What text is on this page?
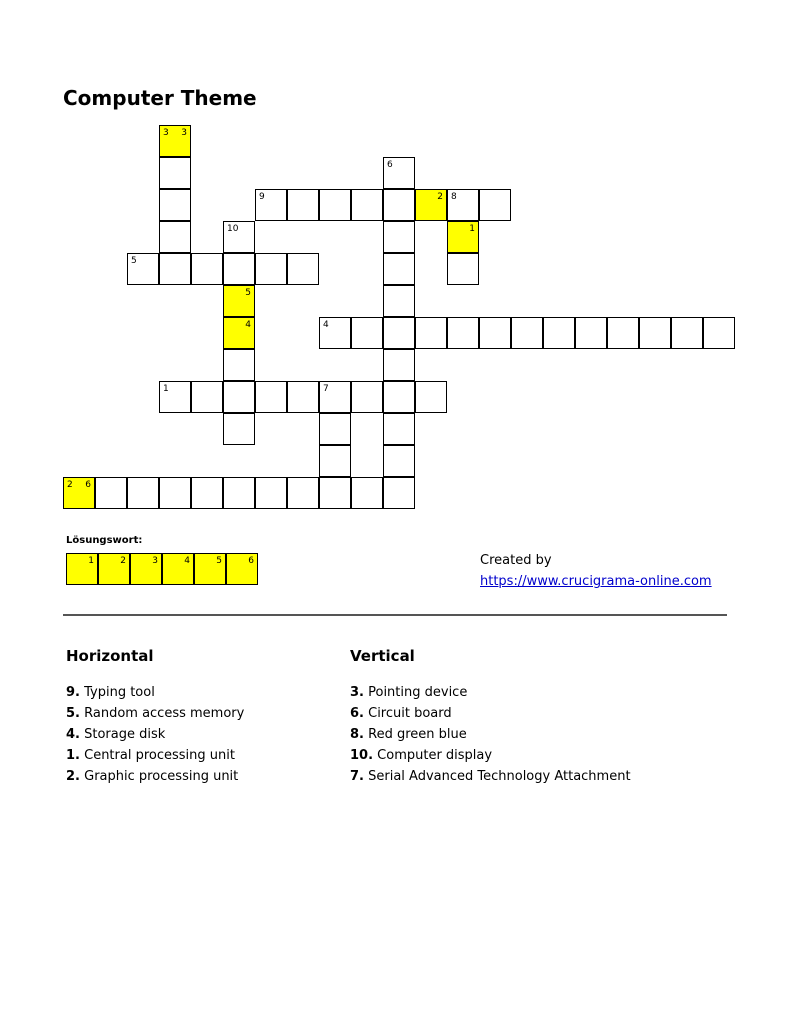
Computer Theme
3 3
6
9	2 8
10	1
5
5
4	4
1	7
2 6
Lösungswort:
1	2	3	4	5	6	Created by
https://www.crucigrama-online.com
Horizontal
9. Typing tool
5. Random access memory
4. Storage disk
1. Central processing unit
2. Graphic processing unit
Vertical
3. Pointing device
6. Circuit board
8. Red green blue
10. Computer display
7. Serial Advanced Technology Attachment
